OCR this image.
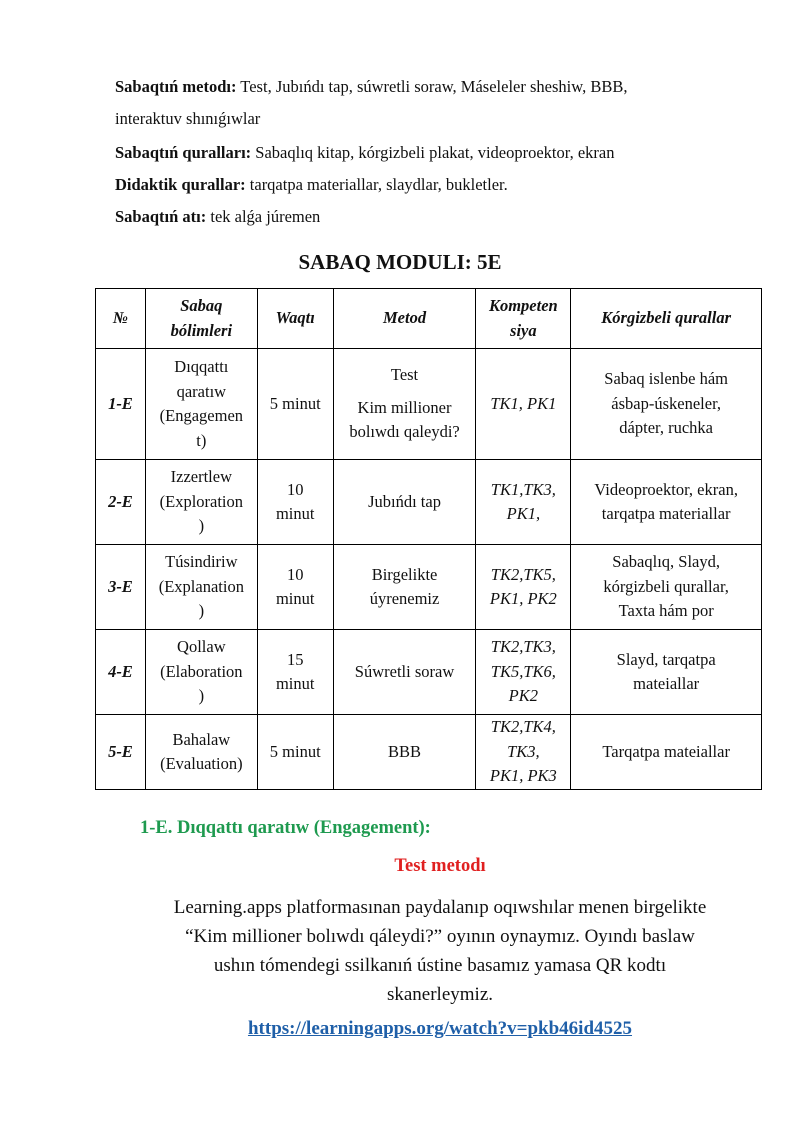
Sabaqtıń metodı: Test, Jubıńdı tap, súwretli soraw, Máseleler sheshiw, BBB,

interaktuv shınıǵıwlar

Sabaqtıń quralları: Sabaqlıq kitap, kórgizbeli plakat, videoproektor, ekran

Didaktik qurallar: tarqatpa materiallar, slaydlar, bukletler.

Sabaqtıń atı: tek alǵa júremen

SABAQ MODULI: 5E
№	Sabaq
bólimleri	Waqtı	Metod	Kompeten
siya	Kórgizbeli qurallar
1-E	Dıqqattı
qaratıw
(Engagemen
t)	5 minut	Test
Kim millioner
bolıwdı qaleydi?	TK1, PK1	Sabaq islenbe hám
ásbap-úskeneler,
dápter, ruchka
2-E	Izzertlew
(Exploration
)	10
minut	Jubıńdı tap	TK1,TK3,
PK1,	Videoproektor, ekran,
tarqatpa materiallar
3-E	Túsindiriw
(Explanation
)	10
minut	Birgelikte
úyrenemiz	TK2,TK5,
PK1, PK2	Sabaqlıq, Slayd,
kórgizbeli qurallar,
Taxta hám por
4-E	Qollaw
(Elaboration
)	15
minut	Súwretli soraw	TK2,TK3,
TK5,TK6,
PK2	Slayd, tarqatpa
mateiallar
5-E	Bahalaw
(Evaluation)	5 minut	BBB	TK2,TK4,
TK3,
PK1, PK3	Tarqatpa mateiallar
1-E. Dıqqattı qaratıw (Engagement):
Test metodı

Learning.apps platformasınan paydalanıp oqıwshılar menen birgelikte
“Kim millioner bolıwdı qáleydi?” oyının oynaymız. Oyındı baslaw
ushın tómendegi ssilkanıń ústine basamız yamasa QR kodtı
skanerleymiz.

https://learningapps.org/watch?v=pkb46id4525
